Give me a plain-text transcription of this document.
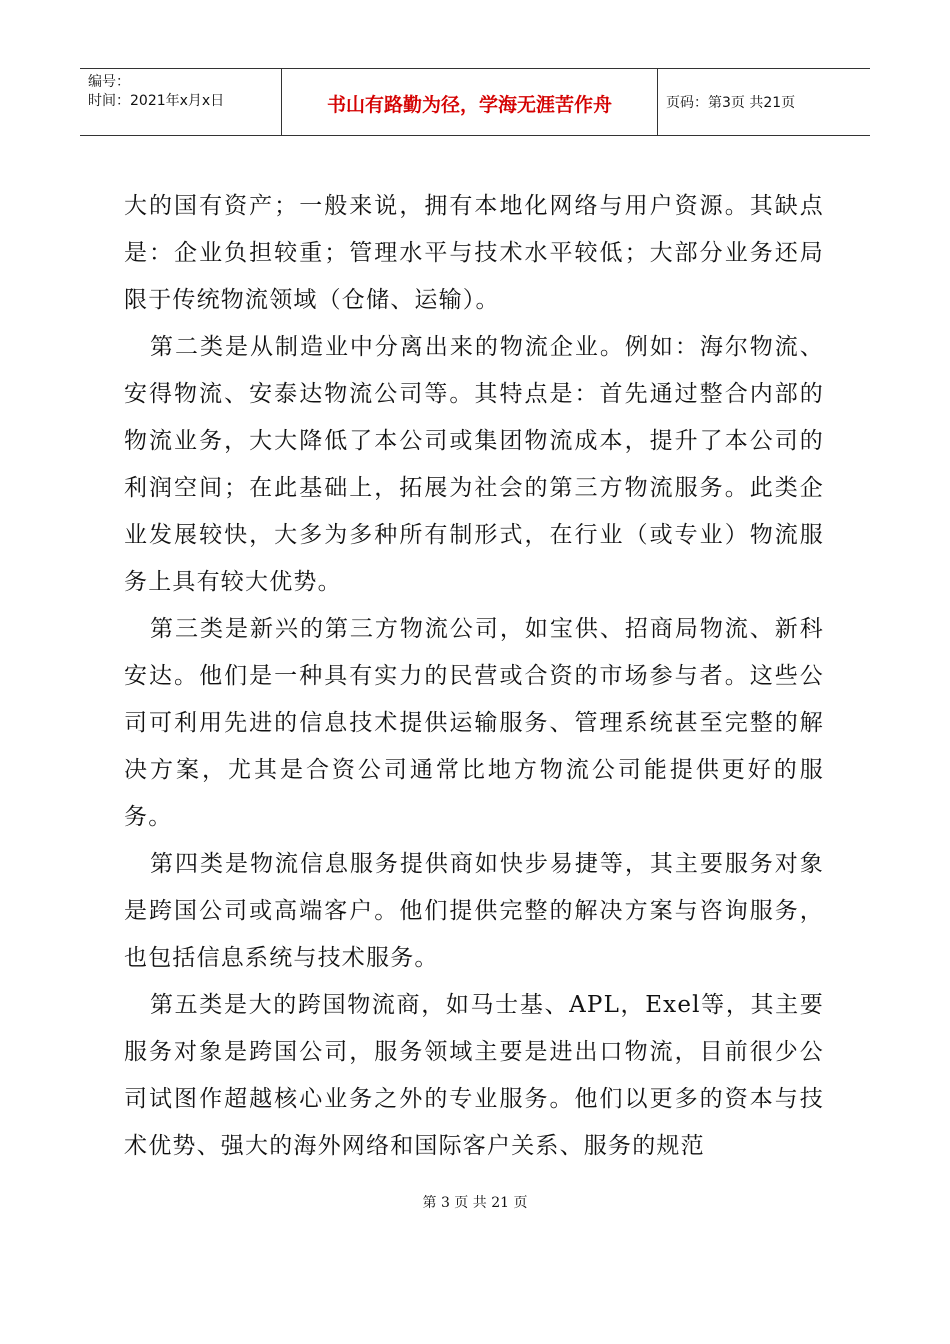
编号：
时间：2021年x月x日	书山有路勤为径，学海无涯苦作舟	页码：第3页 共21页

大的国有资产；一般来说，拥有本地化网络与用户资源。其缺点是：企业负担较重；管理水平与技术水平较低；大部分业务还局限于传统物流领域（仓储、运输）。

第二类是从制造业中分离出来的物流企业。例如：海尔物流、安得物流、安泰达物流公司等。其特点是：首先通过整合内部的物流业务，大大降低了本公司或集团物流成本，提升了本公司的利润空间；在此基础上，拓展为社会的第三方物流服务。此类企业发展较快，大多为多种所有制形式，在行业（或专业）物流服务上具有较大优势。

第三类是新兴的第三方物流公司，如宝供、招商局物流、新科安达。他们是一种具有实力的民营或合资的市场参与者。这些公司可利用先进的信息技术提供运输服务、管理系统甚至完整的解决方案，尤其是合资公司通常比地方物流公司能提供更好的服务。

第四类是物流信息服务提供商如快步易捷等，其主要服务对象是跨国公司或高端客户。他们提供完整的解决方案与咨询服务，也包括信息系统与技术服务。

第五类是大的跨国物流商，如马士基、APL，Exel等，其主要服务对象是跨国公司，服务领域主要是进出口物流，目前很少公司试图作超越核心业务之外的专业服务。他们以更多的资本与技术优势、强大的海外网络和国际客户关系、服务的规范

第 3 页 共 21 页
